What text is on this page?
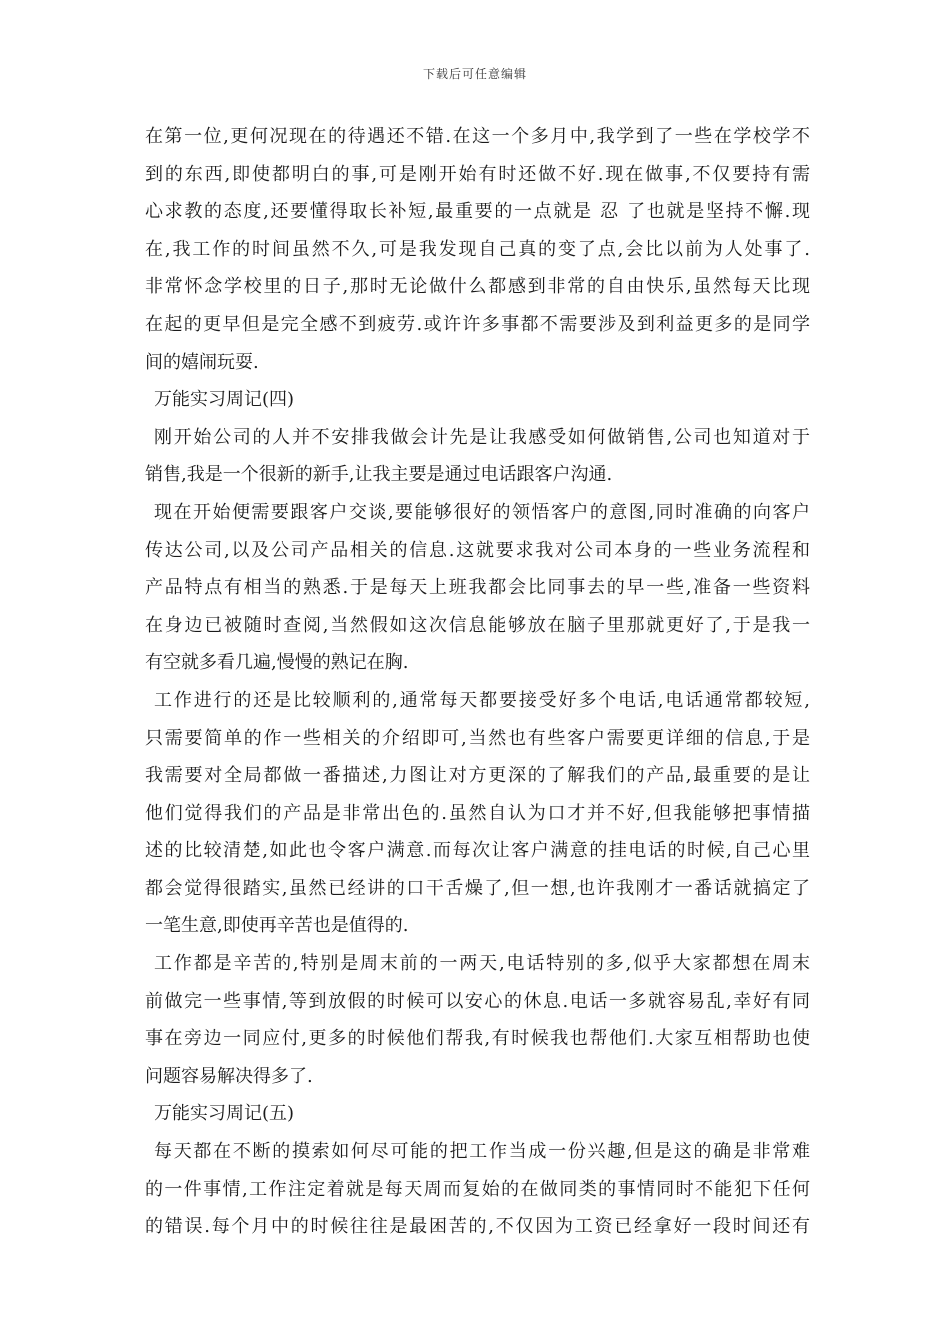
下载后可任意编辑
在第一位,更何况现在的待遇还不错.在这一个多月中,我学到了一些在学校学不
到的东西,即使都明白的事,可是刚开始有时还做不好.现在做事,不仅要持有需
心求教的态度,还要懂得取长补短,最重要的一点就是 忍 了也就是坚持不懈.现
在,我工作的时间虽然不久,可是我发现自己真的变了点,会比以前为人处事了.
非常怀念学校里的日子,那时无论做什么都感到非常的自由快乐,虽然每天比现
在起的更早但是完全感不到疲劳.或许许多事都不需要涉及到利益更多的是同学
间的嬉闹玩耍.
万能实习周记(四)
刚开始公司的人并不安排我做会计先是让我感受如何做销售,公司也知道对于
销售,我是一个很新的新手,让我主要是通过电话跟客户沟通.
现在开始便需要跟客户交谈,要能够很好的领悟客户的意图,同时准确的向客户
传达公司,以及公司产品相关的信息.这就要求我对公司本身的一些业务流程和
产品特点有相当的熟悉.于是每天上班我都会比同事去的早一些,准备一些资料
在身边已被随时查阅,当然假如这次信息能够放在脑子里那就更好了,于是我一
有空就多看几遍,慢慢的熟记在胸.
工作进行的还是比较顺利的,通常每天都要接受好多个电话,电话通常都较短,
只需要简单的作一些相关的介绍即可,当然也有些客户需要更详细的信息,于是
我需要对全局都做一番描述,力图让对方更深的了解我们的产品,最重要的是让
他们觉得我们的产品是非常出色的.虽然自认为口才并不好,但我能够把事情描
述的比较清楚,如此也令客户满意.而每次让客户满意的挂电话的时候,自己心里
都会觉得很踏实,虽然已经讲的口干舌燥了,但一想,也许我刚才一番话就搞定了
一笔生意,即使再辛苦也是值得的.
工作都是辛苦的,特别是周末前的一两天,电话特别的多,似乎大家都想在周末
前做完一些事情,等到放假的时候可以安心的休息.电话一多就容易乱,幸好有同
事在旁边一同应付,更多的时候他们帮我,有时候我也帮他们.大家互相帮助也使
问题容易解决得多了.
万能实习周记(五)
每天都在不断的摸索如何尽可能的把工作当成一份兴趣,但是这的确是非常难
的一件事情,工作注定着就是每天周而复始的在做同类的事情同时不能犯下任何
的错误.每个月中的时候往往是最困苦的,不仅因为工资已经拿好一段时间还有
